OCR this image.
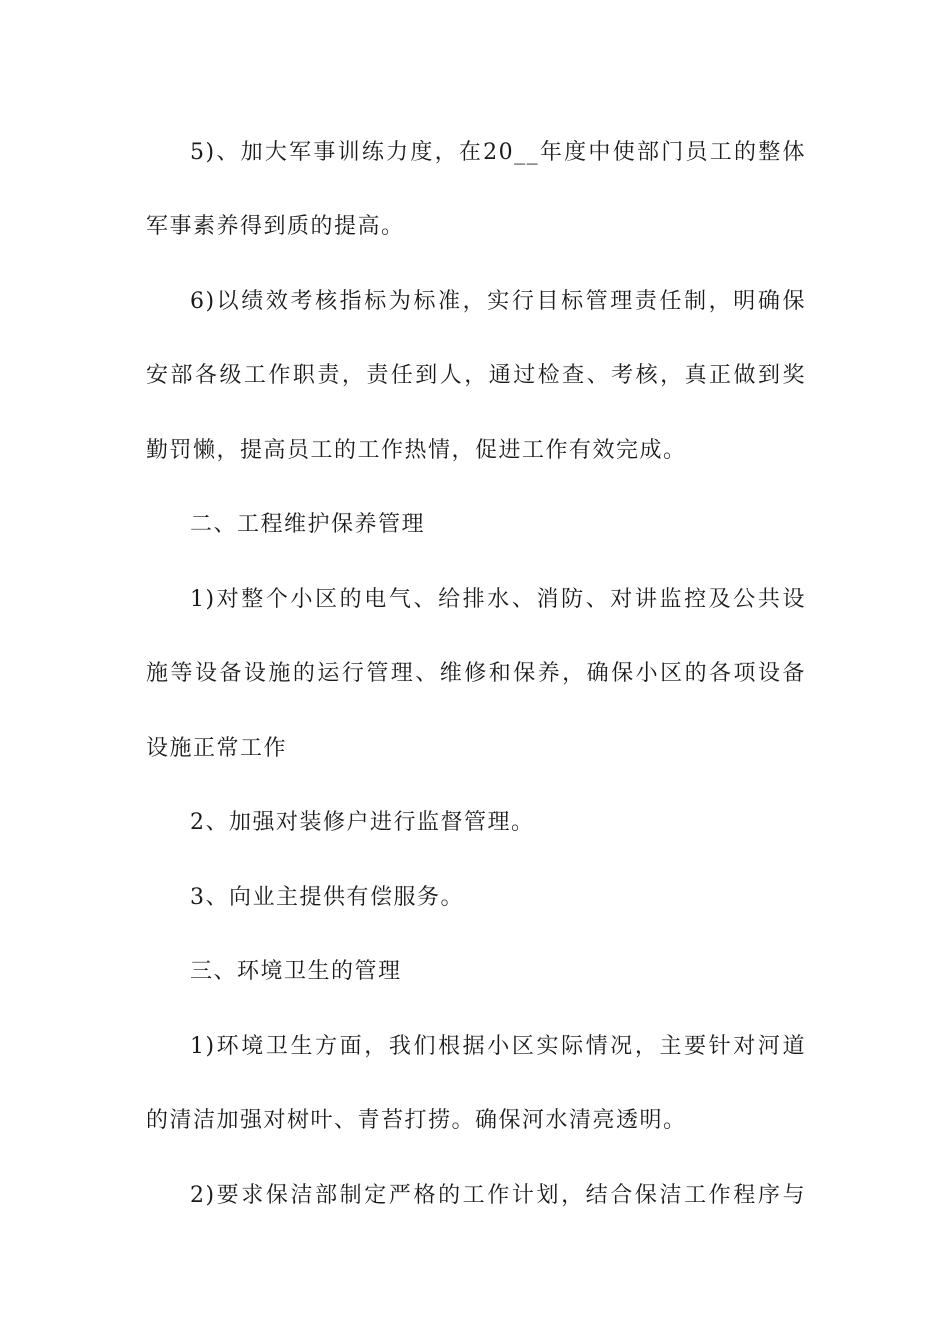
5)、加大军事训练力度，在20__年度中使部门员工的整体
军事素养得到质的提高。
6)以绩效考核指标为标准，实行目标管理责任制，明确保
安部各级工作职责，责任到人，通过检查、考核，真正做到奖
勤罚懒，提高员工的工作热情，促进工作有效完成。
二、工程维护保养管理
1)对整个小区的电气、给排水、消防、对讲监控及公共设
施等设备设施的运行管理、维修和保养，确保小区的各项设备
设施正常工作
2、加强对装修户进行监督管理。
3、向业主提供有偿服务。
三、环境卫生的管理
1)环境卫生方面，我们根据小区实际情况，主要针对河道
的清洁加强对树叶、青苔打捞。确保河水清亮透明。
2)要求保洁部制定严格的工作计划，结合保洁工作程序与
